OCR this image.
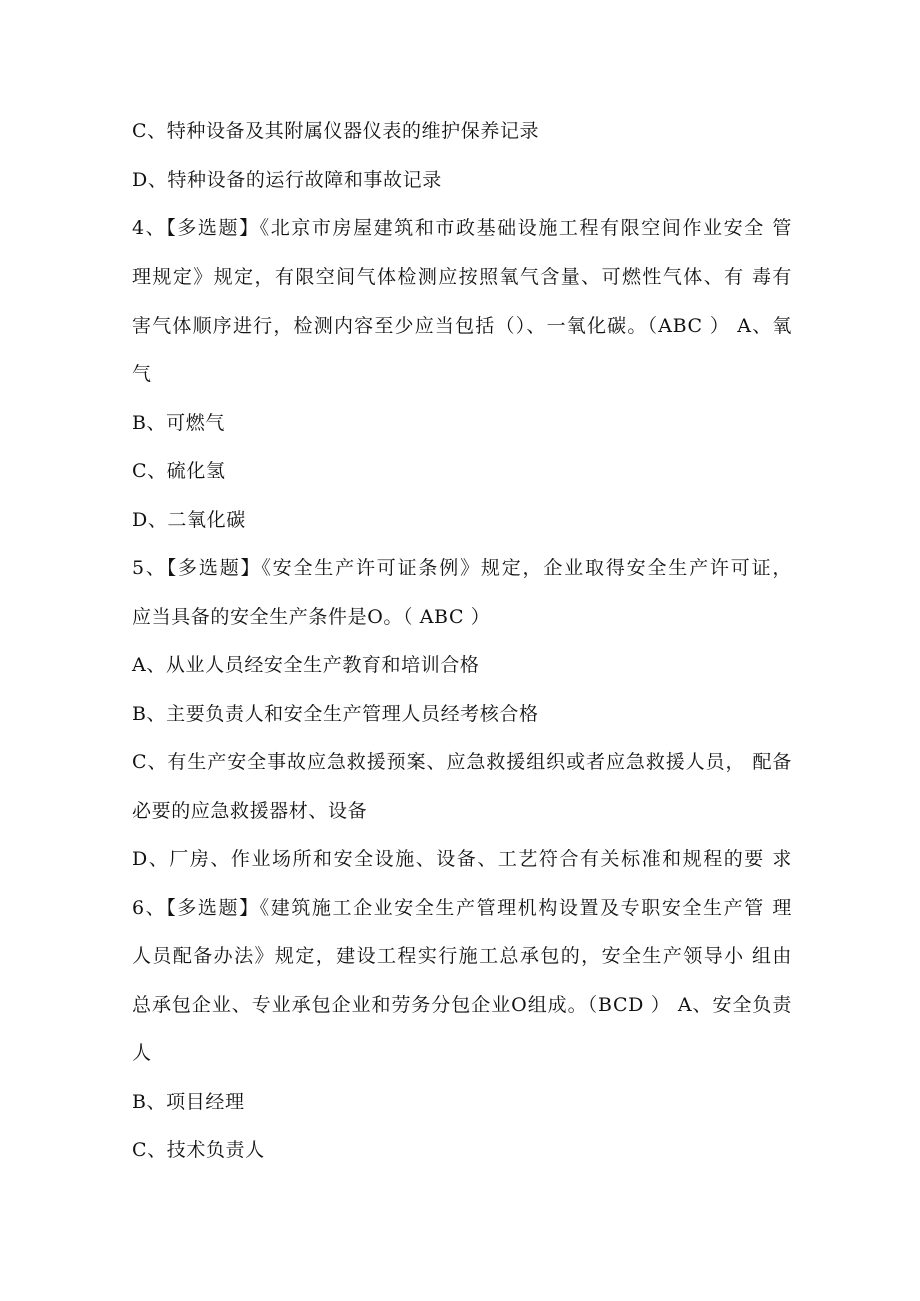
C、特种设备及其附属仪器仪表的维护保养记录
D、特种设备的运行故障和事故记录
4、【多选题】《北京市房屋建筑和市政基础设施工程有限空间作业安全 管
理规定》规定，有限空间气体检测应按照氧气含量、可燃性气体、有 毒有
害气体顺序进行，检测内容至少应当包括（）、一氧化碳。（ABC ） A、氧
气
B、可燃气
C、硫化氢
D、二氧化碳
5、【多选题】《安全生产许可证条例》规定，企业取得安全生产许可证，
应当具备的安全生产条件是O。（ ABC ）
A、从业人员经安全生产教育和培训合格
B、主要负责人和安全生产管理人员经考核合格
C、有生产安全事故应急救援预案、应急救援组织或者应急救援人员， 配备
必要的应急救援器材、设备
D、厂房、作业场所和安全设施、设备、工艺符合有关标准和规程的要 求
6、【多选题】《建筑施工企业安全生产管理机构设置及专职安全生产管 理
人员配备办法》规定，建设工程实行施工总承包的，安全生产领导小 组由
总承包企业、专业承包企业和劳务分包企业O组成。（BCD ） A、安全负责
人
B、项目经理
C、技术负责人
